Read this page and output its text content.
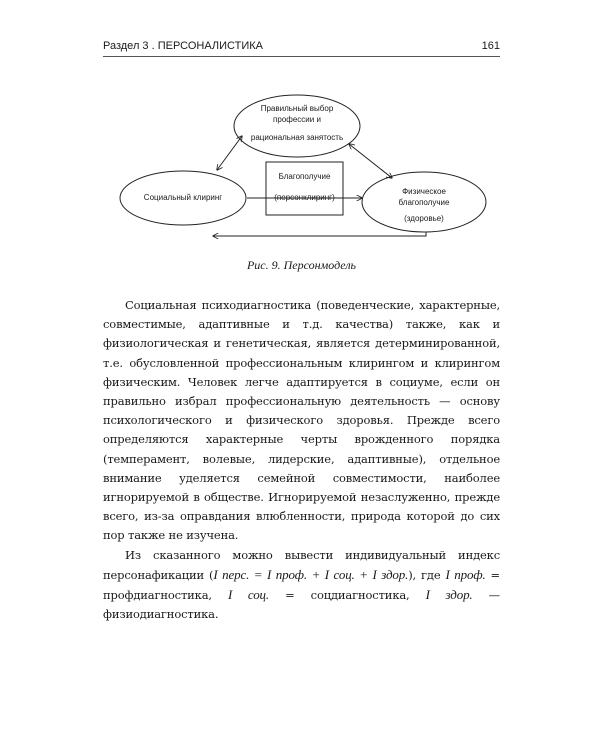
Раздел 3 . ПЕРСОНАЛИСТИКА	161
Правильный выбор
профессии и
рациональная занятость
Социальный клиринг
Физическое
благополучие
(здоровье)
Благополучие
(персонклиринг)
Рис. 9. Персонмодель

Социальная психодиагностика (поведенческие, характерные, совместимые, адаптивные и т.д. качества) также, как и физиологическая и генетическая, является детерминированной, т.е. обусловленной профессиональным клирингом и клирингом физическим. Человек легче адаптируется в социуме, если он правильно избрал профессиональную деятельность — основу психологического и физического здоровья. Прежде всего определяются характерные черты врожденного порядка (темперамент, волевые, лидерские, адаптивные), отдельное внимание уделяется семейной совместимости, наиболее игнорируемой в обществе. Игнорируемой незаслуженно, прежде всего, из-за оправдания влюбленности, природа которой до сих пор также не изучена.

Из сказанного можно вывести индивидуальный индекс персонафикации (I перс. = I проф. + I соц. + I здор.), где I проф. = профдиагностика, I соц. = соцдиагностика, I здор. — физиодиагностика.
